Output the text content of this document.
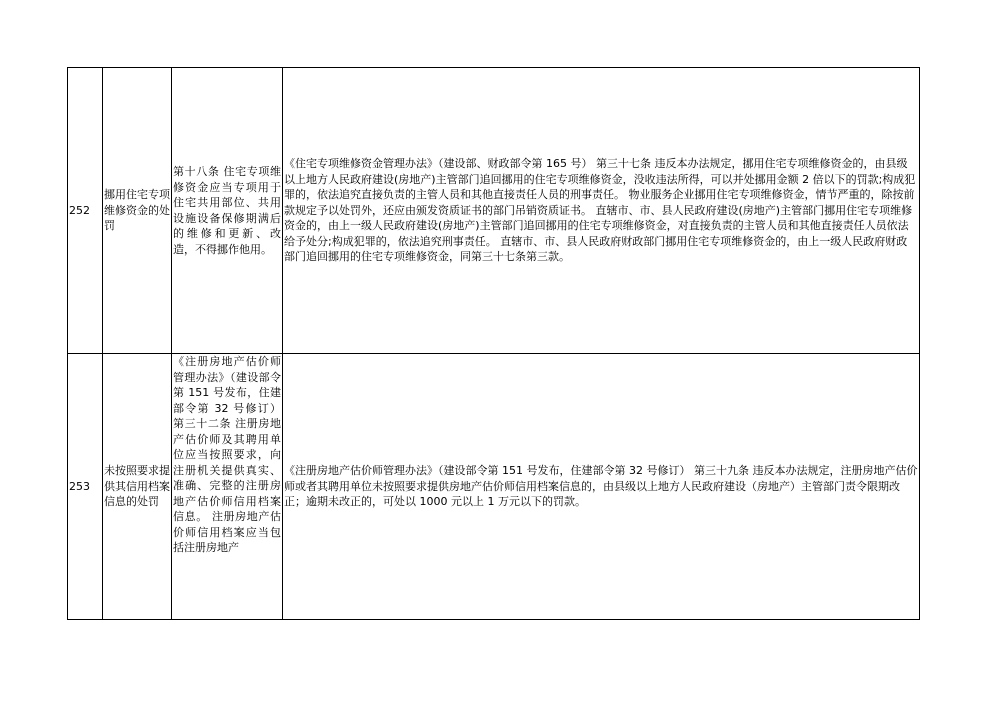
252	挪用住宅专项维修资金的处罚	第十八条 住宅专项维修资金应当专项用于住宅共用部位、共用设施设备保修期满后的维修和更新、改造，不得挪作他用。	《住宅专项维修资金管理办法》（建设部、财政部令第 165 号） 第三十七条 违反本办法规定，挪用住宅专项维修资金的，由县级以上地方人民政府建设(房地产)主管部门追回挪用的住宅专项维修资金，没收违法所得，可以并处挪用金额 2 倍以下的罚款;构成犯罪的，依法追究直接负责的主管人员和其他直接责任人员的刑事责任。 物业服务企业挪用住宅专项维修资金，情节严重的，除按前款规定予以处罚外，还应由颁发资质证书的部门吊销资质证书。 直辖市、市、县人民政府建设(房地产)主管部门挪用住宅专项维修资金的，由上一级人民政府建设(房地产)主管部门追回挪用的住宅专项维修资金，对直接负责的主管人员和其他直接责任人员依法给予处分;构成犯罪的，依法追究刑事责任。 直辖市、市、县人民政府财政部门挪用住宅专项维修资金的，由上一级人民政府财政部门追回挪用的住宅专项维修资金，同第三十七条第三款。
253	未按照要求提供其信用档案信息的处罚	《注册房地产估价师管理办法》（建设部令第 151 号发布，住建部令第 32 号修订） 第三十二条 注册房地产估价师及其聘用单位应当按照要求，向注册机关提供真实、准确、完整的注册房地产估价师信用档案信息。 注册房地产估价师信用档案应当包括注册房地产	《注册房地产估价师管理办法》（建设部令第 151 号发布，住建部令第 32 号修订） 第三十九条 违反本办法规定，注册房地产估价师或者其聘用单位未按照要求提供房地产估价师信用档案信息的，由县级以上地方人民政府建设（房地产）主管部门责令限期改正；逾期未改正的，可处以 1000 元以上 1 万元以下的罚款。
